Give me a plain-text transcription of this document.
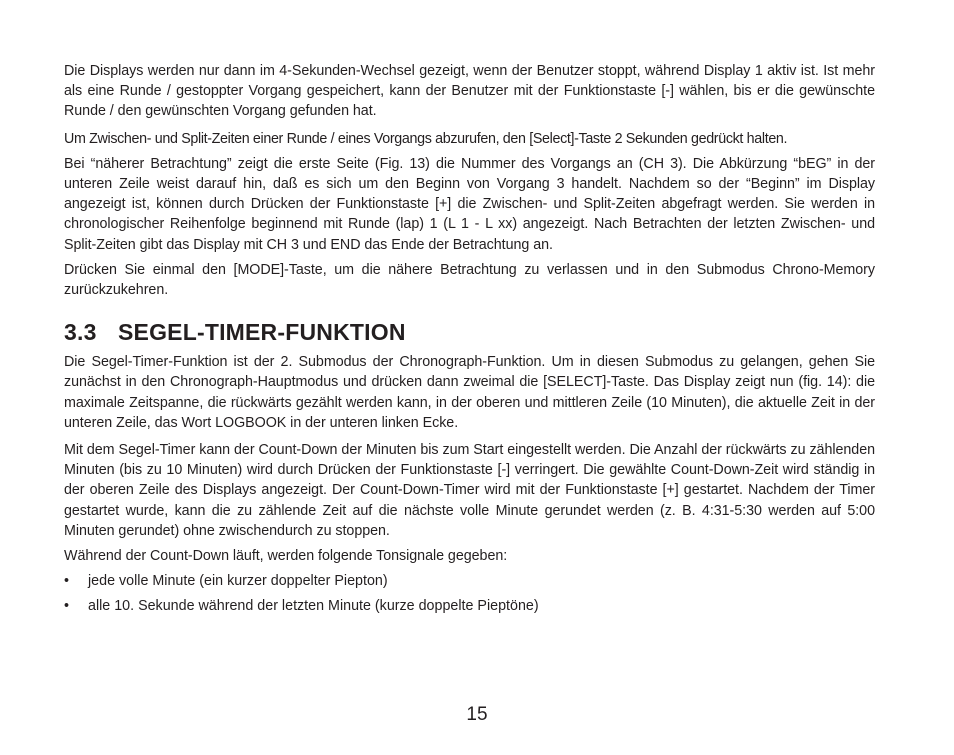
Die Displays werden nur dann im 4-Sekunden-Wechsel gezeigt, wenn der Benutzer stoppt, während Display 1 aktiv ist. Ist mehr als eine Runde / gestoppter Vorgang gespeichert, kann der Benutzer mit der Funktionstaste [-] wählen, bis er die gewünschte Runde / den gewünschten Vorgang gefunden hat.

Um Zwischen- und Split-Zeiten einer Runde / eines Vorgangs abzurufen, den [Select]-Taste 2 Sekunden gedrückt halten.

Bei “näherer Betrachtung” zeigt die erste Seite (Fig. 13) die Nummer des Vorgangs an (CH 3). Die Abkürzung “bEG” in der unteren Zeile weist darauf hin, daß es sich um den Beginn von Vorgang 3 handelt. Nachdem so der “Beginn” im Display angezeigt ist, können durch Drücken der Funktionstaste [+] die Zwischen- und Split-Zeiten abgefragt werden. Sie werden in chronologischer Reihenfolge beginnend mit Runde (lap) 1 (L 1 - L xx) angezeigt. Nach Betrachten der letzten Zwischen- und Split-Zeiten gibt das Display mit CH 3 und END das Ende der Betrachtung an.

Drücken Sie einmal den [MODE]-Taste, um die nähere Betrachtung zu verlassen und in den Submodus Chrono-Memory zurückzukehren.

3.3 SEGEL-TIMER-FUNKTION

Die Segel-Timer-Funktion ist der 2. Submodus der Chronograph-Funktion. Um in diesen Submodus zu gelangen, gehen Sie zunächst in den Chronograph-Hauptmodus und drücken dann zweimal die [SELECT]-Taste. Das Display zeigt nun (fig. 14): die maximale Zeitspanne, die rückwärts gezählt werden kann, in der oberen und mittleren Zeile (10 Minuten), die aktuelle Zeit in der unteren Zeile, das Wort LOGBOOK in der unteren linken Ecke.

Mit dem Segel-Timer kann der Count-Down der Minuten bis zum Start eingestellt werden. Die Anzahl der rückwärts zu zählenden Minuten (bis zu 10 Minuten) wird durch Drücken der Funktionstaste [-] verringert. Die gewählte Count-Down-Zeit wird ständig in der oberen Zeile des Displays angezeigt. Der Count-Down-Timer wird mit der Funktionstaste [+] gestartet. Nachdem der Timer gestartet wurde, kann die zu zählende Zeit auf die nächste volle Minute gerundet werden (z. B. 4:31-5:30 werden auf 5:00 Minuten gerundet) ohne zwischendurch zu stoppen.

Während der Count-Down läuft, werden folgende Tonsignale gegeben:

• jede volle Minute (ein kurzer doppelter Piepton)
• alle 10. Sekunde während der letzten Minute (kurze doppelte Pieptöne)
15
